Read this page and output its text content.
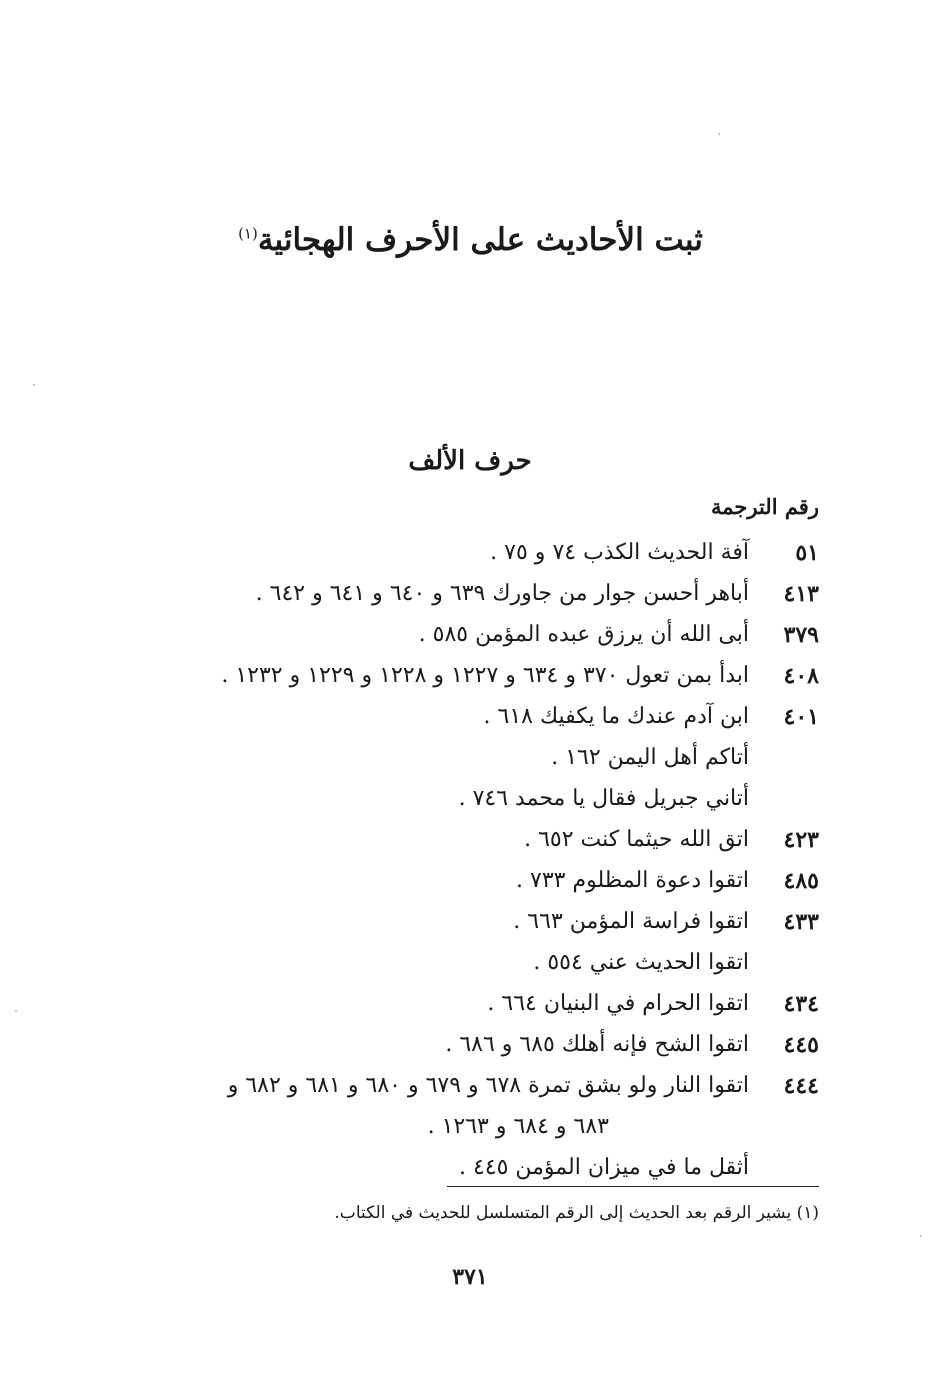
ثبت الأحاديث على الأحرف الهجائية$^{(١)}$
حرف الألف
رقم الترجمة
٥١
آفة الحديث الكذب ٧٤ و ٧٥ .
٤١٣
أباهر أحسن جوار من جاورك ٦٣٩ و ٦٤٠ و ٦٤١ و ٦٤٢ .
٣٧٩
أبى الله أن يرزق عبده المؤمن ٥٨٥ .
٤٠٨
ابدأ بمن تعول ٣٧٠ و ٦٣٤ و ١٢٢٧ و ١٢٢٨ و ١٢٢٩ و ١٢٣٢ .
٤٠١
ابن آدم عندك ما يكفيك ٦١٨ .
أتاكم أهل اليمن ١٦٢ .
أتاني جبريل فقال يا محمد ٧٤٦ .
٤٢٣
اتق الله حيثما كنت ٦٥٢ .
٤٨٥
اتقوا دعوة المظلوم ٧٣٣ .
٤٣٣
اتقوا فراسة المؤمن ٦٦٣ .
اتقوا الحديث عني ٥٥٤ .
٤٣٤
اتقوا الحرام في البنيان ٦٦٤ .
٤٤٥
اتقوا الشح فإنه أهلك ٦٨٥ و ٦٨٦ .
٤٤٤
اتقوا النار ولو بشق تمرة ٦٧٨ و ٦٧٩ و ٦٨٠ و ٦٨١ و ٦٨٢ و
٦٨٣ و ٦٨٤ و ١٢٦٣ .
أثقل ما في ميزان المؤمن ٤٤٥ .
(١) يشير الرقم بعد الحديث إلى الرقم المتسلسل للحديث في الكتاب.
٣٧١
